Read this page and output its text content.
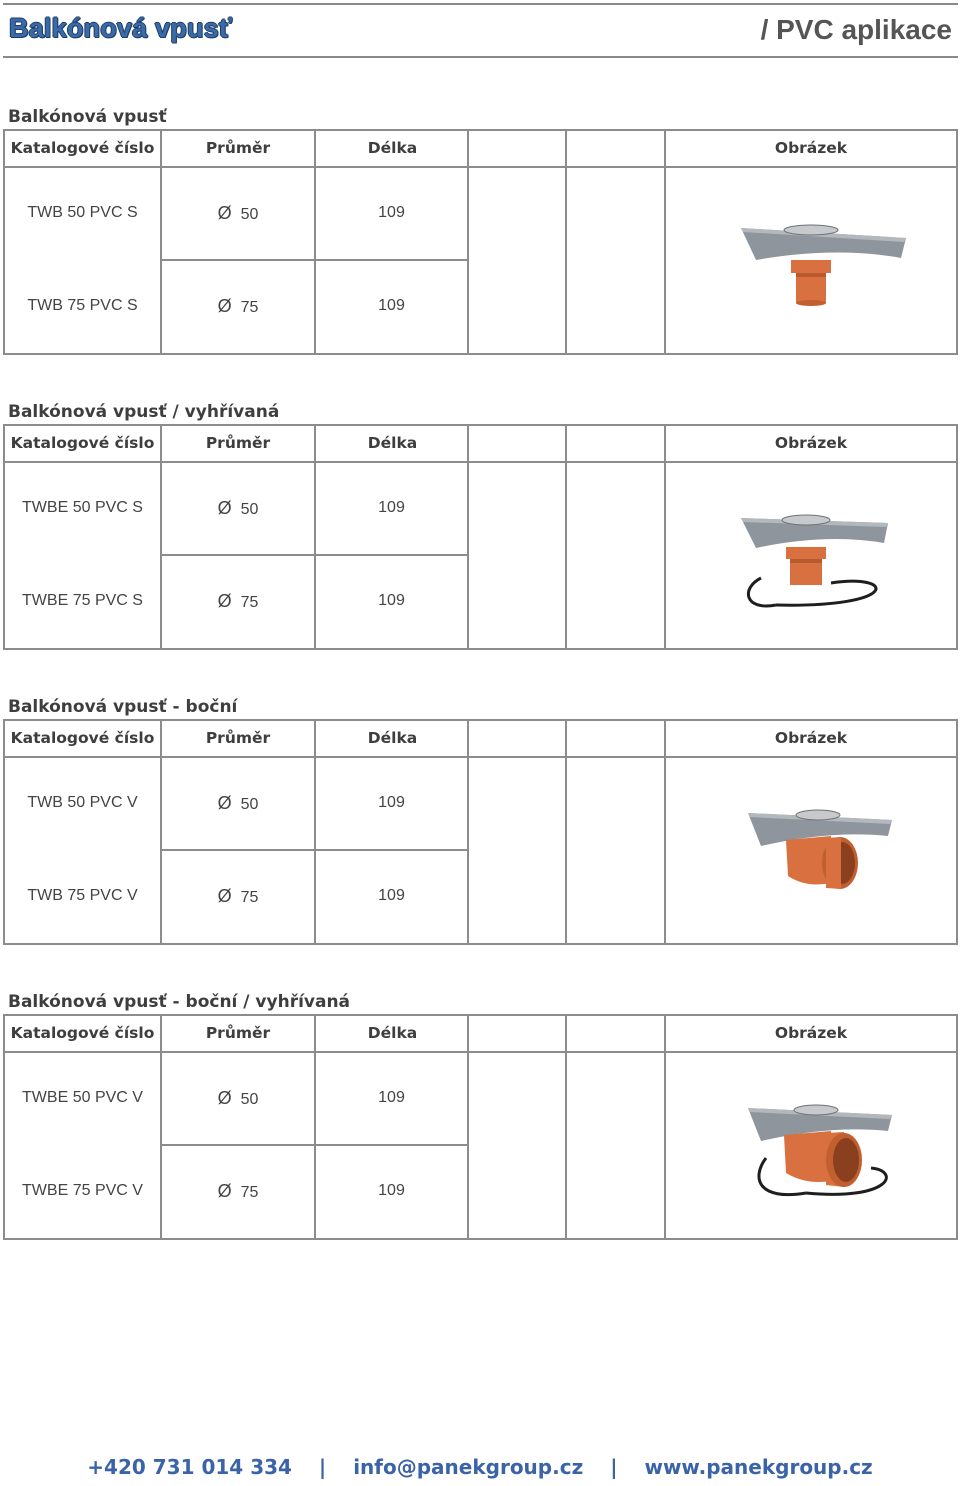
Balkónová vpusť	/ PVC aplikace
Balkónová vpusť
Katalogové číslo	Průměr	Délka	Obrázek
TWB 50 PVC S	Ø 50	109
TWB 75 PVC S	Ø 75	109
Balkónová vpusť / vyhřívaná
Katalogové číslo	Průměr	Délka	Obrázek
TWBE 50 PVC S	Ø 50	109
TWBE 75 PVC S	Ø 75	109
Balkónová vpusť - boční
Katalogové číslo	Průměr	Délka	Obrázek
TWB 50 PVC V	Ø 50	109
TWB 75 PVC V	Ø 75	109
Balkónová vpusť - boční / vyhřívaná
Katalogové číslo	Průměr	Délka	Obrázek
TWBE 50 PVC V	Ø 50	109
TWBE 75 PVC V	Ø 75	109
+420 731 014 334 | info@panekgroup.cz | www.panekgroup.cz
